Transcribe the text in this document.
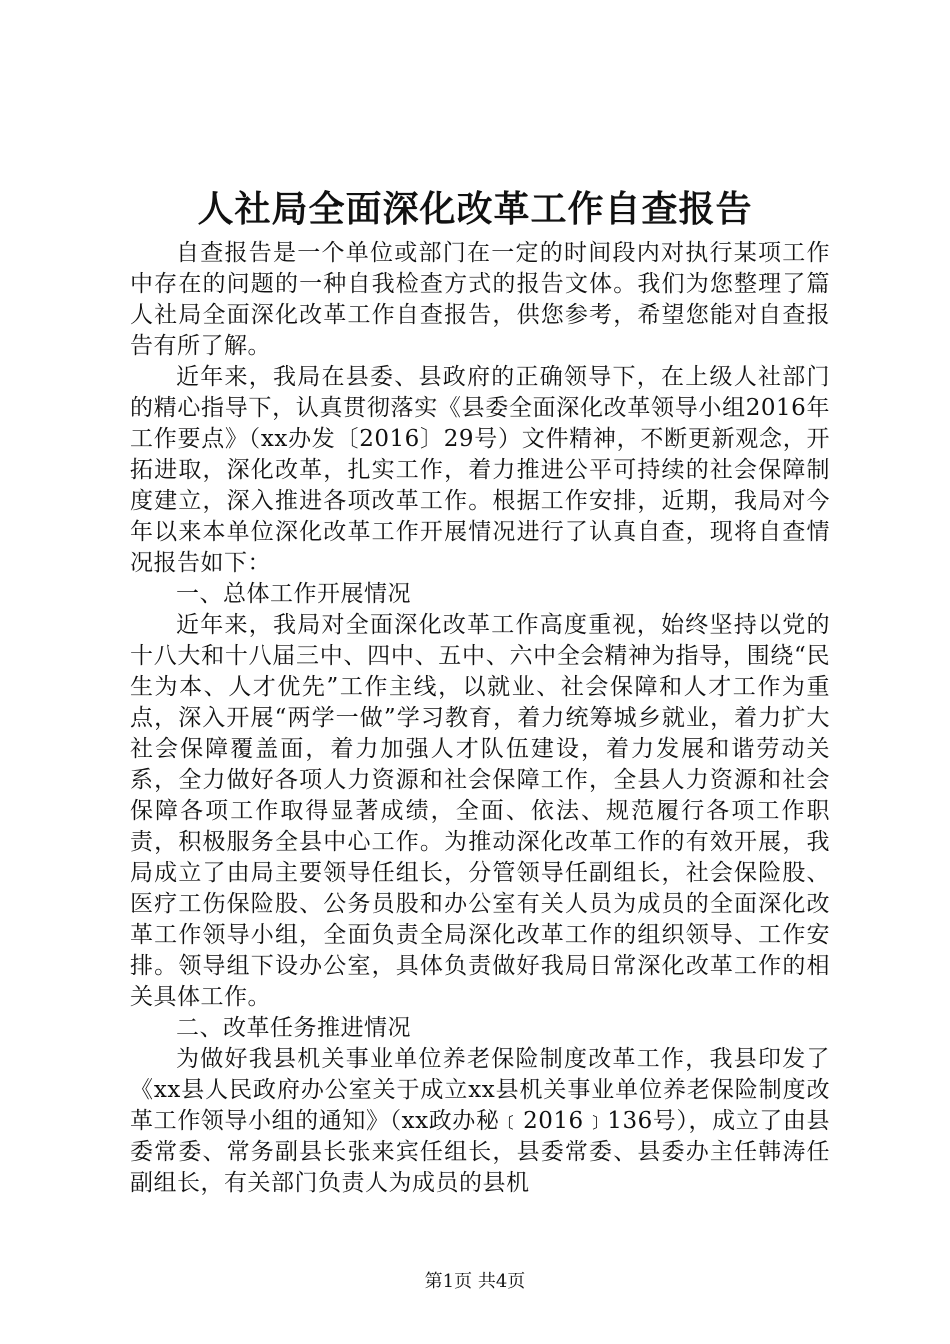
人社局全面深化改革工作自查报告

自查报告是一个单位或部门在一定的时间段内对执行某项工作中存在的问题的一种自我检查方式的报告文体。我们为您整理了篇人社局全面深化改革工作自查报告，供您参考，希望您能对自查报告有所了解。

近年来，我局在县委、县政府的正确领导下，在上级人社部门的精心指导下，认真贯彻落实《县委全面深化改革领导小组2016年工作要点》（xx办发〔2016〕29号）文件精神，不断更新观念，开拓进取，深化改革，扎实工作，着力推进公平可持续的社会保障制度建立，深入推进各项改革工作。根据工作安排，近期，我局对今年以来本单位深化改革工作开展情况进行了认真自查，现将自查情况报告如下：

一、总体工作开展情况

近年来，我局对全面深化改革工作高度重视，始终坚持以党的十八大和十八届三中、四中、五中、六中全会精神为指导，围绕“民生为本、人才优先”工作主线，以就业、社会保障和人才工作为重点，深入开展“两学一做”学习教育，着力统筹城乡就业，着力扩大社会保障覆盖面，着力加强人才队伍建设，着力发展和谐劳动关系，全力做好各项人力资源和社会保障工作，全县人力资源和社会保障各项工作取得显著成绩，全面、依法、规范履行各项工作职责，积极服务全县中心工作。为推动深化改革工作的有效开展，我局成立了由局主要领导任组长，分管领导任副组长，社会保险股、医疗工伤保险股、公务员股和办公室有关人员为成员的全面深化改革工作领导小组，全面负责全局深化改革工作的组织领导、工作安排。领导组下设办公室，具体负责做好我局日常深化改革工作的相关具体工作。

二、改革任务推进情况

为做好我县机关事业单位养老保险制度改革工作，我县印发了《xx县人民政府办公室关于成立xx县机关事业单位养老保险制度改革工作领导小组的通知》（xx政办秘﹝2016﹞136号），成立了由县委常委、常务副县长张来宾任组长，县委常委、县委办主任韩涛任副组长，有关部门负责人为成员的县机

第1页 共4页
